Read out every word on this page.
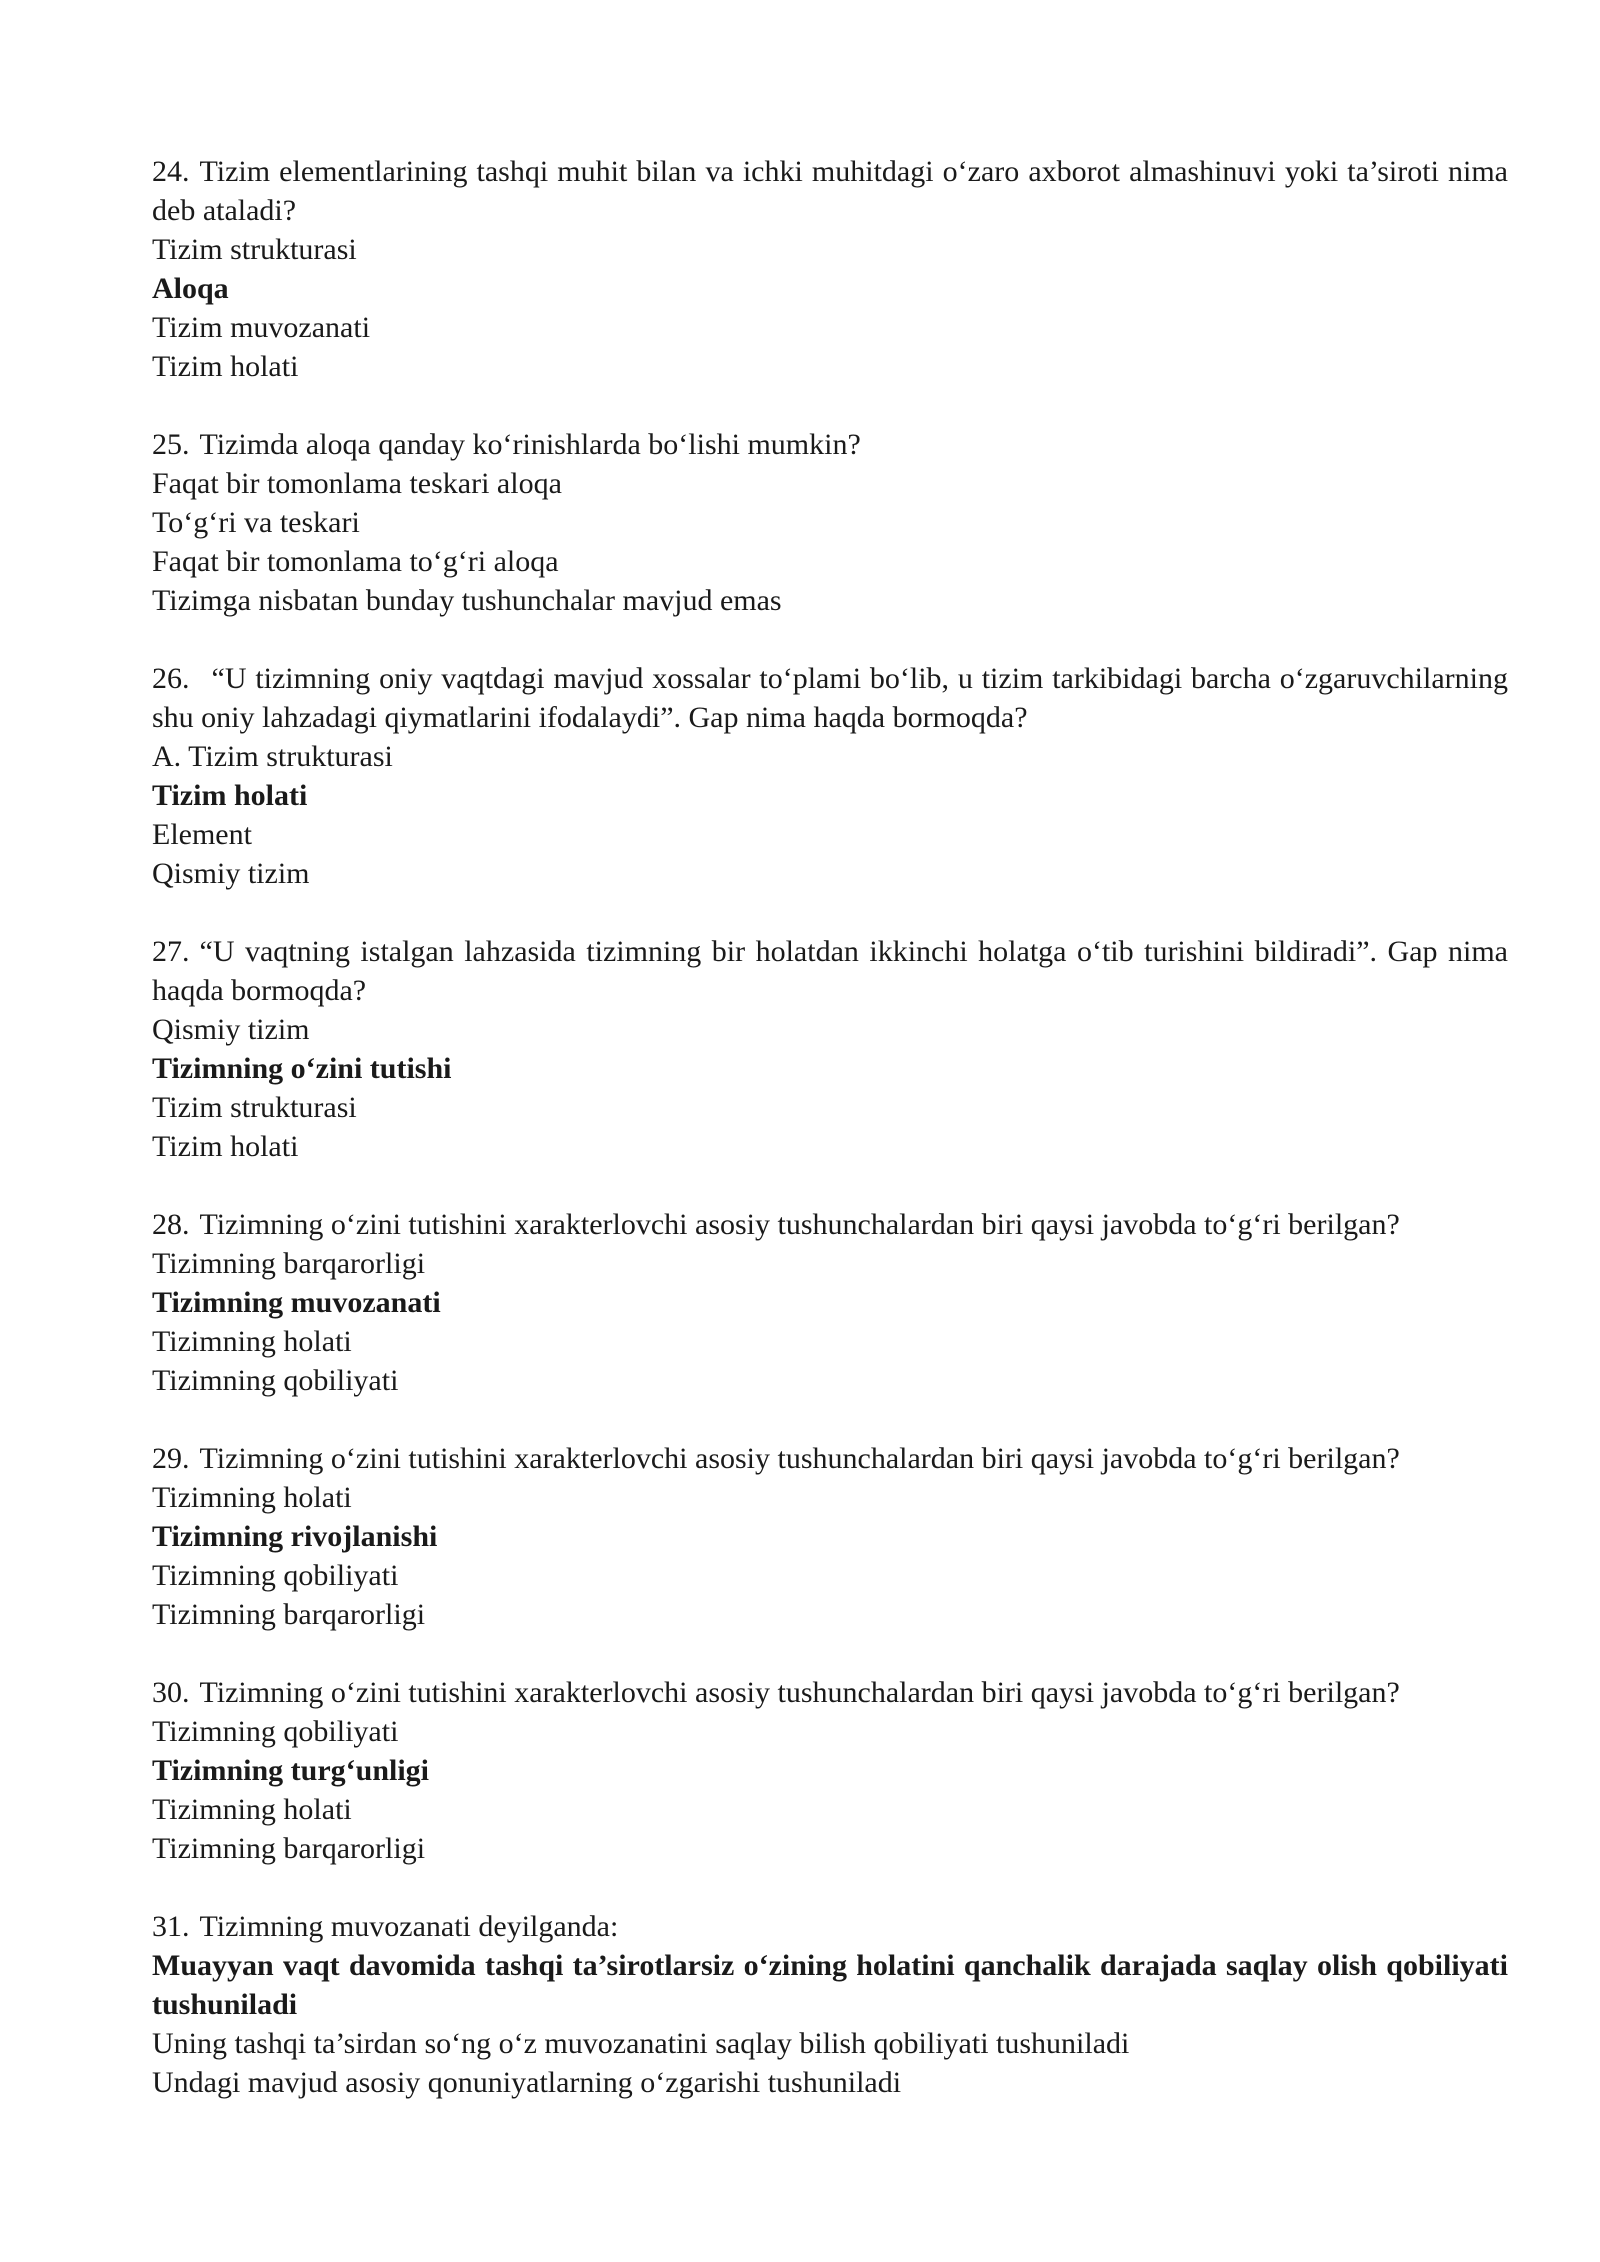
24. Tizim elementlarining tashqi muhit bilan va ichki muhitdagi o‘zaro axborot almashinuvi yoki ta’siroti nima deb ataladi?

Tizim strukturasi

Aloqa

Tizim muvozanati

Tizim holati

25. Tizimda aloqa qanday ko‘rinishlarda bo‘lishi mumkin?

Faqat bir tomonlama teskari aloqa

To‘g‘ri va teskari

Faqat bir tomonlama to‘g‘ri aloqa

Tizimga nisbatan bunday tushunchalar mavjud emas

26. “U tizimning oniy vaqtdagi mavjud xossalar to‘plami bo‘lib, u tizim tarkibidagi barcha o‘zgaruvchilarning shu oniy lahzadagi qiymatlarini ifodalaydi”. Gap nima haqda bormoqda?

A. Tizim strukturasi

Tizim holati

Element

Qismiy tizim

27. “U vaqtning istalgan lahzasida tizimning bir holatdan ikkinchi holatga o‘tib turishini bildiradi”. Gap nima haqda bormoqda?

Qismiy tizim

Tizimning o‘zini tutishi

Tizim strukturasi

Tizim holati

28. Tizimning o‘zini tutishini xarakterlovchi asosiy tushunchalardan biri qaysi javobda to‘g‘ri berilgan?

Tizimning barqarorligi

Tizimning muvozanati

Tizimning holati

Tizimning qobiliyati

29. Tizimning o‘zini tutishini xarakterlovchi asosiy tushunchalardan biri qaysi javobda to‘g‘ri berilgan?

Tizimning holati

Tizimning rivojlanishi

Tizimning qobiliyati

Tizimning barqarorligi

30. Tizimning o‘zini tutishini xarakterlovchi asosiy tushunchalardan biri qaysi javobda to‘g‘ri berilgan?

Tizimning qobiliyati

Tizimning turg‘unligi

Tizimning holati

Tizimning barqarorligi

31. Tizimning muvozanati deyilganda:

Muayyan vaqt davomida tashqi ta’sirotlarsiz o‘zining holatini qanchalik darajada saqlay olish qobiliyati tushuniladi

Uning tashqi ta’sirdan so‘ng o‘z muvozanatini saqlay bilish qobiliyati tushuniladi

Undagi mavjud asosiy qonuniyatlarning o‘zgarishi tushuniladi
